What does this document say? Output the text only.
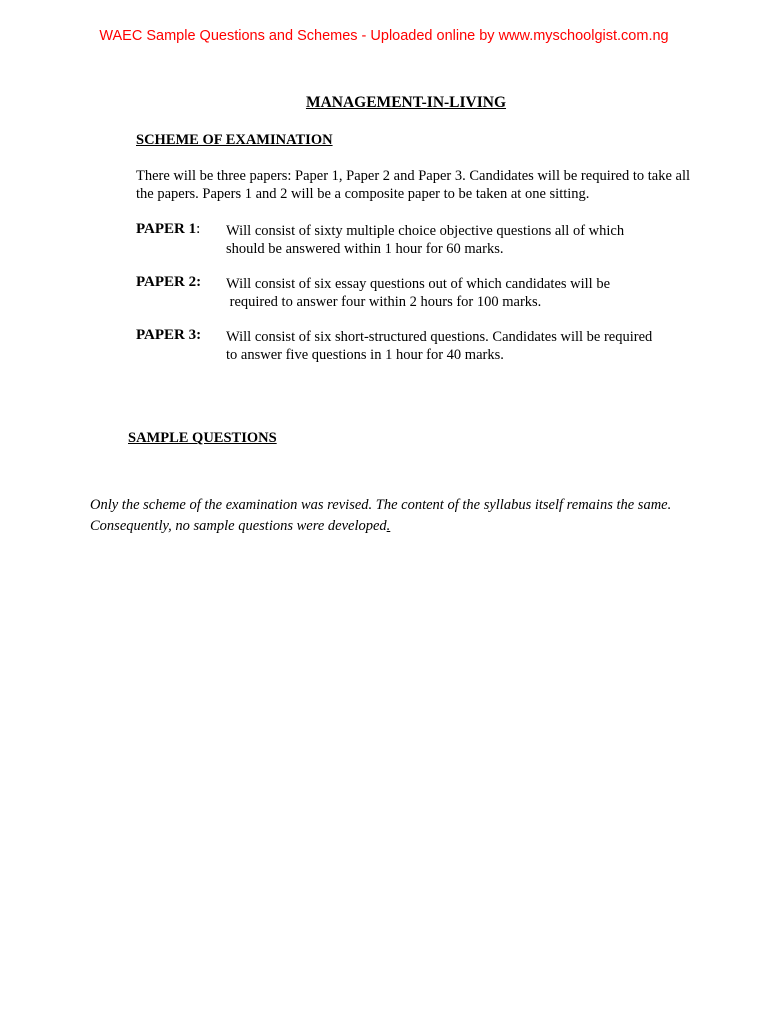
WAEC Sample Questions and Schemes - Uploaded online by www.myschoolgist.com.ng
MANAGEMENT-IN-LIVING
SCHEME OF EXAMINATION
There will be three papers: Paper 1, Paper 2 and Paper 3. Candidates will be required to take all the papers. Papers 1 and 2 will be a composite paper to be taken at one sitting.
PAPER 1: Will consist of sixty multiple choice objective questions all of which
should be answered within 1 hour for 60 marks.
PAPER 2: Will consist of six essay questions out of which candidates will be
required to answer four within 2 hours for 100 marks.
PAPER 3: Will consist of six short-structured questions. Candidates will be required
to answer five questions in 1 hour for 40 marks.
SAMPLE QUESTIONS
Only the scheme of the examination was revised. The content of the syllabus itself remains the same. Consequently, no sample questions were developed.
